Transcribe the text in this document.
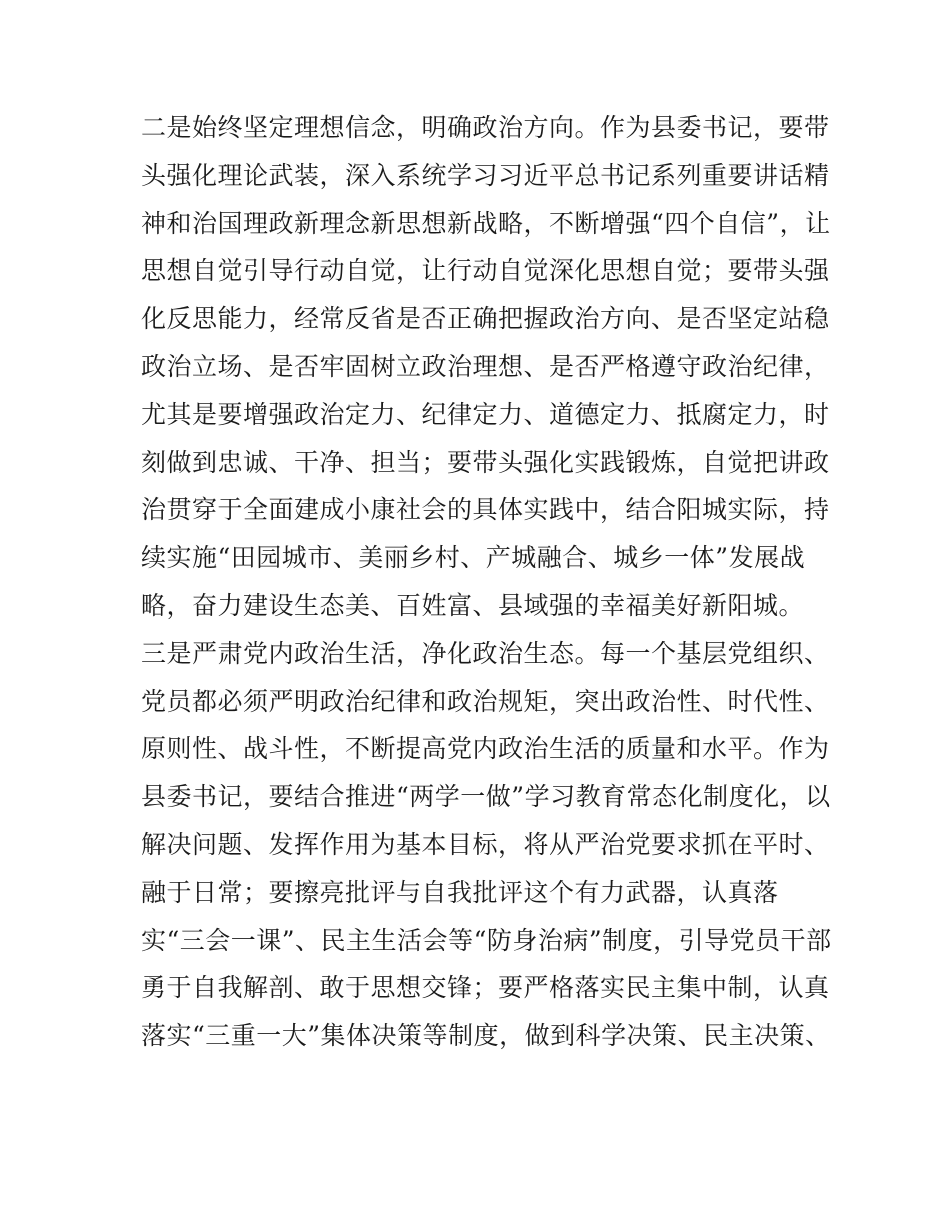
二是始终坚定理想信念，明确政治方向。作为县委书记，要带
头强化理论武装，深入系统学习习近平总书记系列重要讲话精
神和治国理政新理念新思想新战略，不断增强“四个自信”，让
思想自觉引导行动自觉，让行动自觉深化思想自觉；要带头强
化反思能力，经常反省是否正确把握政治方向、是否坚定站稳
政治立场、是否牢固树立政治理想、是否严格遵守政治纪律，
尤其是要增强政治定力、纪律定力、道德定力、抵腐定力，时
刻做到忠诚、干净、担当；要带头强化实践锻炼，自觉把讲政
治贯穿于全面建成小康社会的具体实践中，结合阳城实际，持
续实施“田园城市、美丽乡村、产城融合、城乡一体”发展战
略，奋力建设生态美、百姓富、县域强的幸福美好新阳城。
三是严肃党内政治生活，净化政治生态。每一个基层党组织、
党员都必须严明政治纪律和政治规矩，突出政治性、时代性、
原则性、战斗性，不断提高党内政治生活的质量和水平。作为
县委书记，要结合推进“两学一做”学习教育常态化制度化，以
解决问题、发挥作用为基本目标，将从严治党要求抓在平时、
融于日常；要擦亮批评与自我批评这个有力武器，认真落
实“三会一课”、民主生活会等“防身治病”制度，引导党员干部
勇于自我解剖、敢于思想交锋；要严格落实民主集中制，认真
落实“三重一大”集体决策等制度，做到科学决策、民主决策、
